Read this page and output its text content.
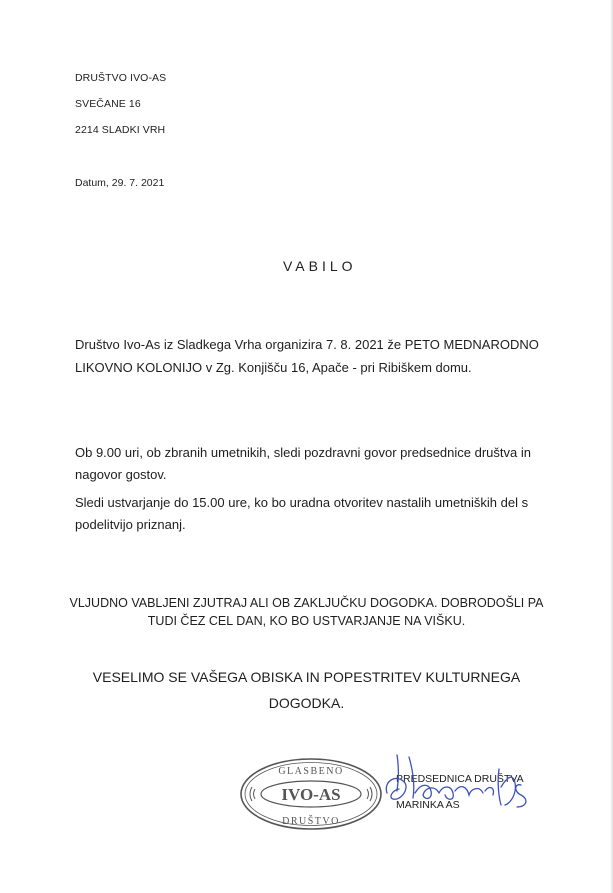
DRUŠTVO IVO-AS
SVEČANE 16
2214 SLADKI VRH
Datum, 29. 7. 2021
VABILO
Društvo Ivo-As iz Sladkega Vrha organizira 7. 8. 2021 že PETO MEDNARODNO
LIKOVNO KOLONIJO v Zg. Konjišču 16, Apače - pri Ribiškem domu.
Ob 9.00 uri, ob zbranih umetnikih, sledi pozdravni govor predsednice društva in
nagovor gostov.
Sledi ustvarjanje do 15.00 ure, ko bo uradna otvoritev nastalih umetniških del s
podelitvijo priznanj.
VLJUDNO VABLJENI ZJUTRAJ ALI OB ZAKLJUČKU DOGODKA. DOBRODOŠLI PA
TUDI ČEZ CEL DAN, KO BO USTVARJANJE NA VIŠKU.
VESELIMO SE VAŠEGA OBISKA IN POPESTRITEV KULTURNEGA
DOGODKA.
GLASBENO
IVO-AS
DRUŠTVO
PREDSEDNICA DRUŠTVA
MARINKA AS
